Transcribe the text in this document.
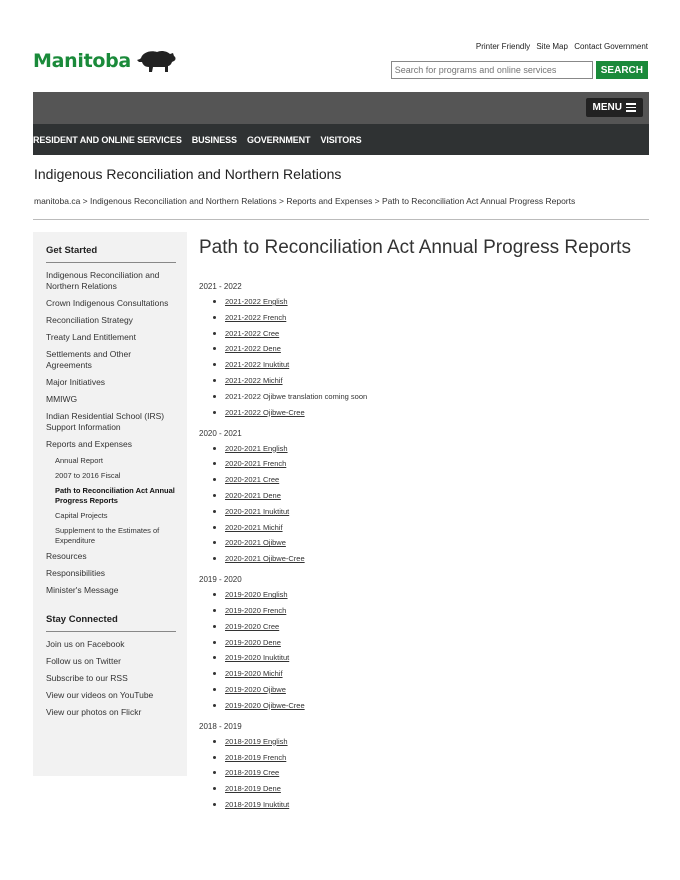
Manitoba
Printer Friendly Site Map Contact Government
Search for programs and online services
SEARCH
MENU
RESIDENT AND ONLINE SERVICES BUSINESS GOVERNMENT VISITORS
Indigenous Reconciliation and Northern Relations
manitoba.ca > Indigenous Reconciliation and Northern Relations > Reports and Expenses > Path to Reconciliation Act Annual Progress Reports
Get Started
Indigenous Reconciliation and Northern Relations
Crown Indigenous Consultations
Reconciliation Strategy
Treaty Land Entitlement
Settlements and Other Agreements
Major Initiatives
MMIWG
Indian Residential School (IRS) Support Information
Reports and Expenses
Annual Report
2007 to 2016 Fiscal
Path to Reconciliation Act Annual Progress Reports
Capital Projects
Supplement to the Estimates of Expenditure
Resources
Responsibilities
Minister's Message
Stay Connected
Join us on Facebook
Follow us on Twitter
Subscribe to our RSS
View our videos on YouTube
View our photos on Flickr
Path to Reconciliation Act Annual Progress Reports
2021 - 2022
2021-2022 English
2021-2022 French
2021-2022 Cree
2021-2022 Dene
2021-2022 Inuktitut
2021-2022 Michif
2021-2022 Ojibwe translation coming soon
2021-2022 Ojibwe-Cree
2020 - 2021
2020-2021 English
2020-2021 French
2020-2021 Cree
2020-2021 Dene
2020-2021 Inuktitut
2020-2021 Michif
2020-2021 Ojibwe
2020-2021 Ojibwe-Cree
2019 - 2020
2019-2020 English
2019-2020 French
2019-2020 Cree
2019-2020 Dene
2019-2020 Inuktitut
2019-2020 Michif
2019-2020 Ojibwe
2019-2020 Ojibwe-Cree
2018 - 2019
2018-2019 English
2018-2019 French
2018-2019 Cree
2018-2019 Dene
2018-2019 Inuktitut
